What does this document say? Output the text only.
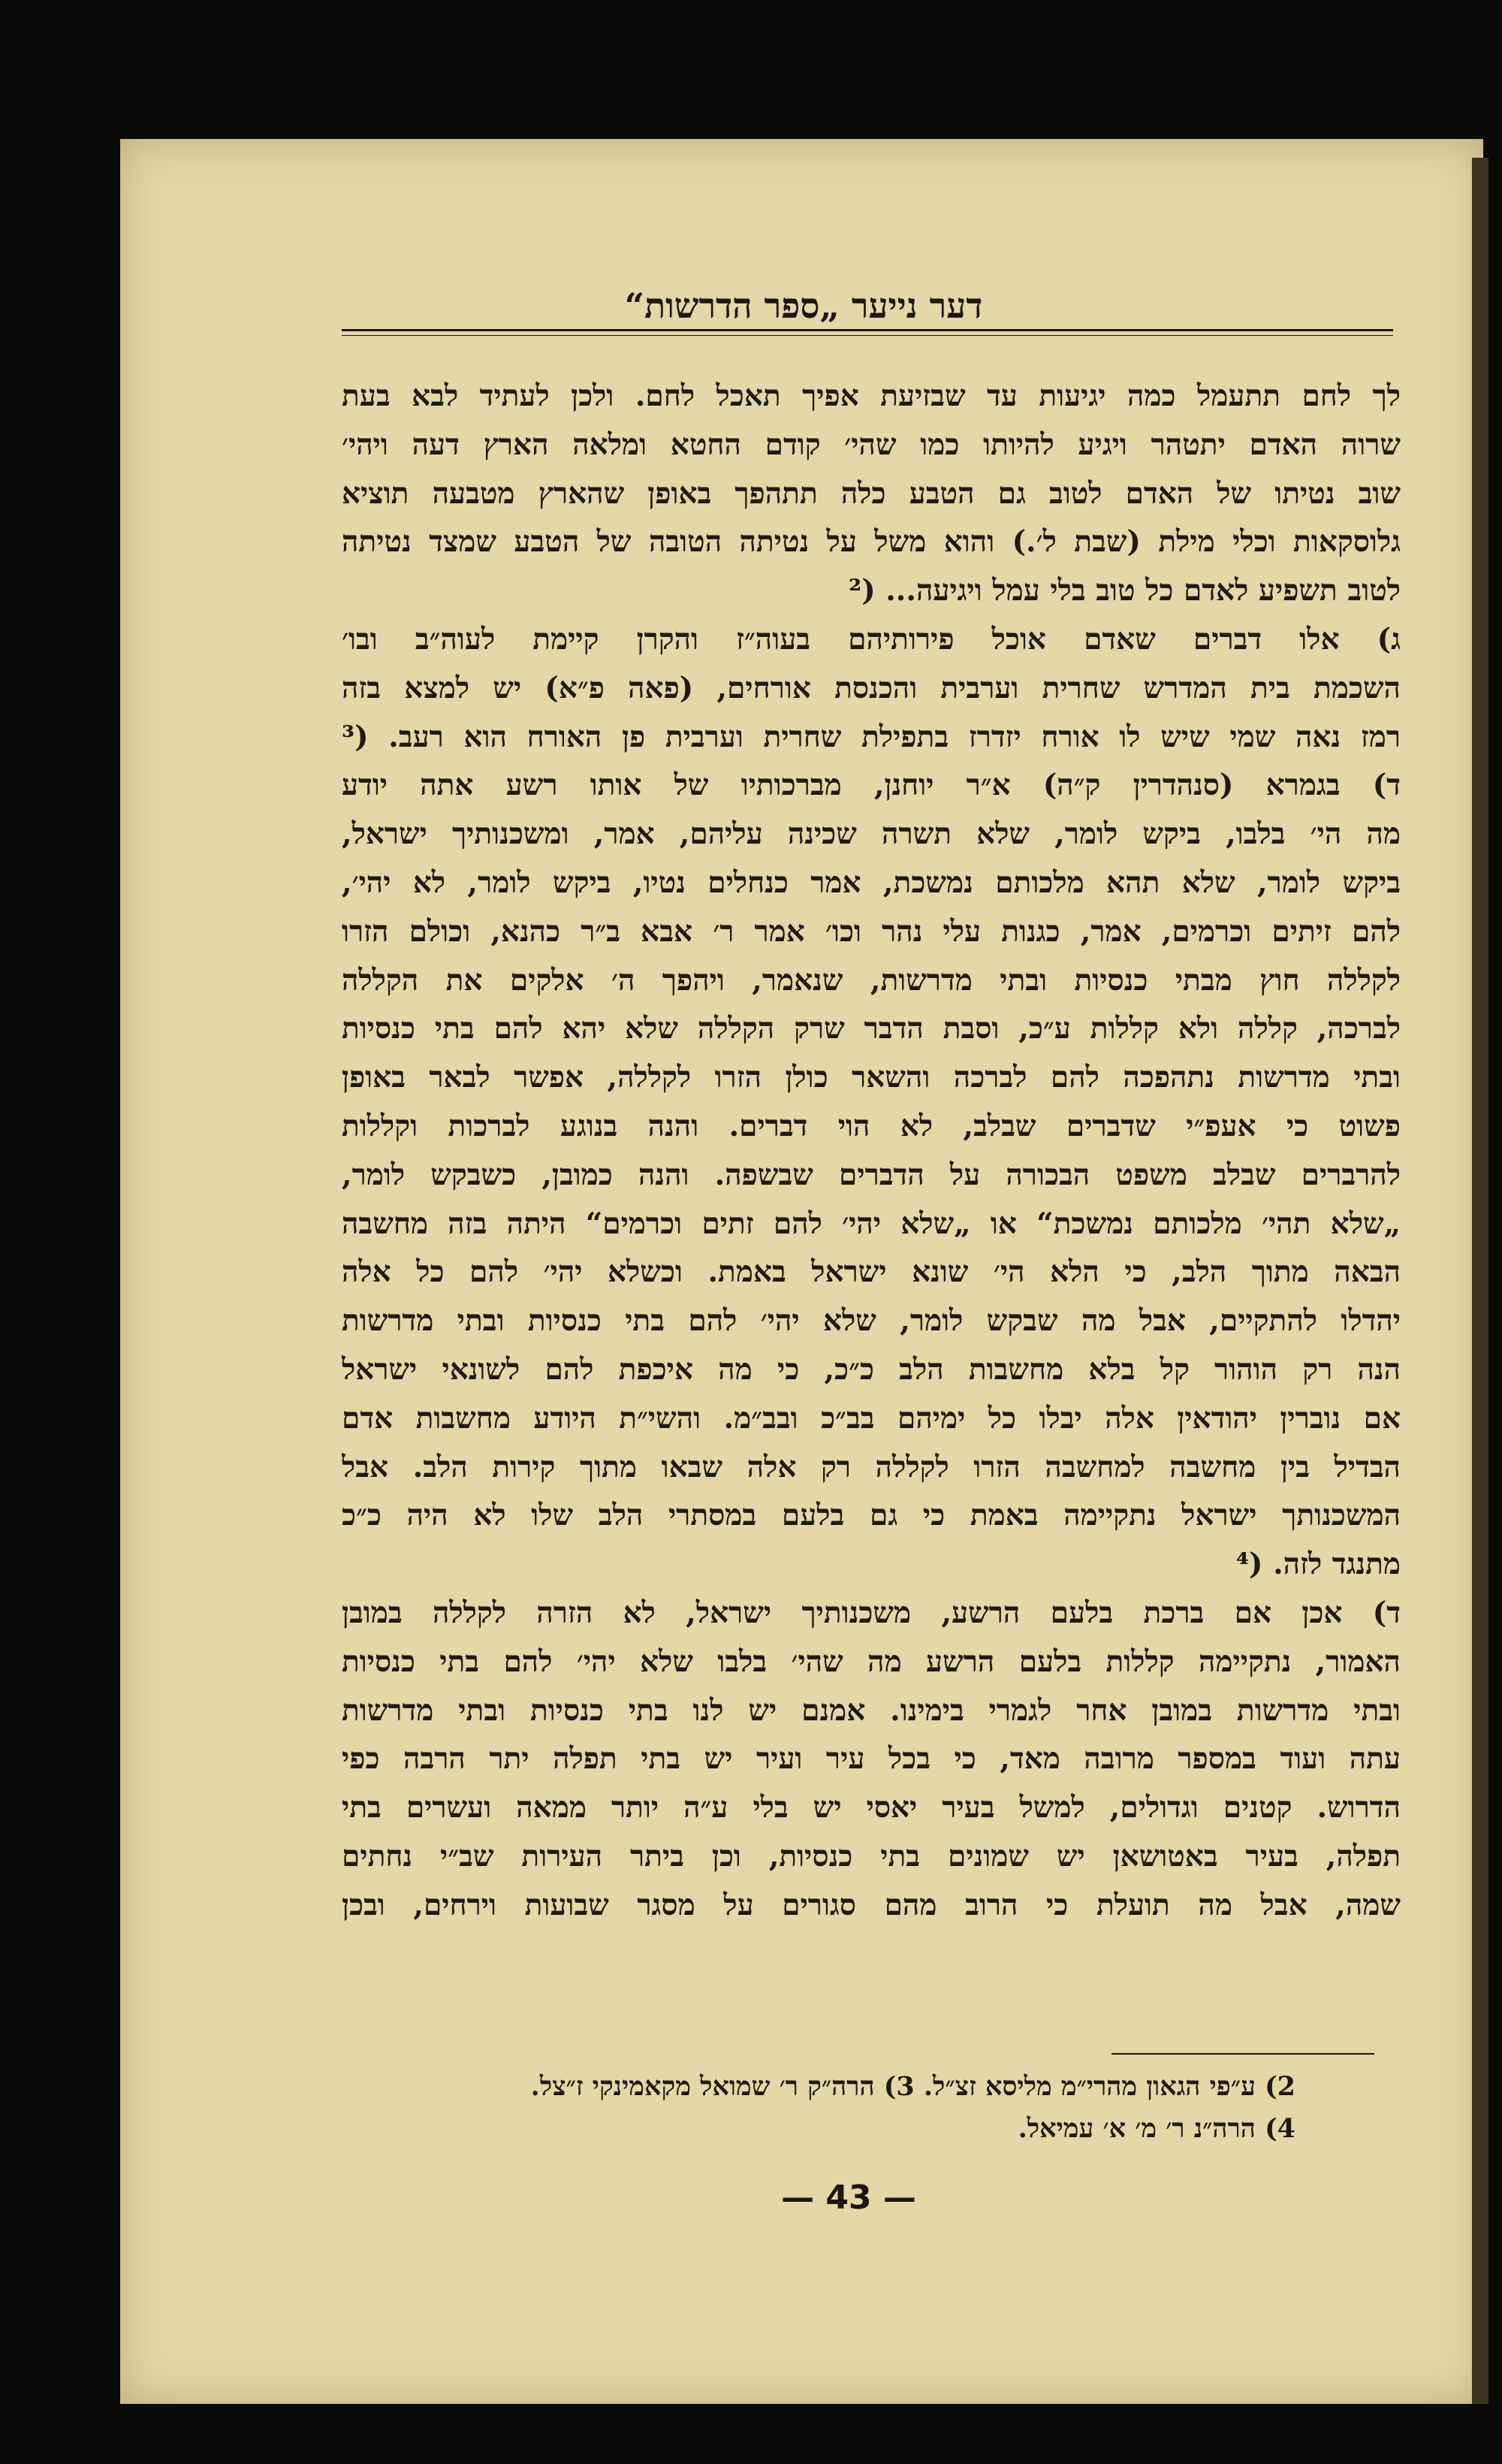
דער נייער „ספר הדרשות“
לך לחם תתעמל כמה יגיעות עד שבזיעת אפיך תאכל לחם. ולכן לעתיד לבא בעת
שרוה האדם יתטהר ויגיע להיותו כמו שהי׳ קודם החטא ומלאה הארץ דעה ויהי׳
שוב נטיתו של האדם לטוב גם הטבע כלה תתהפך באופן שהארץ מטבעה תוציא
גלוסקאות וכלי מילת (שבת ל׳.) והוא משל על נטיתה הטובה של הטבע שמצד נטיתה
לטוב תשפיע לאדם כל טוב בלי עמל ויגיעה... (²
ג) אלו דברים שאדם אוכל פירותיהם בעוה״ז והקרן קיימת לעוה״ב ובו׳
השכמת בית המדרש שחרית וערבית והכנסת אורחים, (פאה פ״א) יש למצא בזה
רמז נאה שמי שיש לו אורח יזדרז בתפילת שחרית וערבית פן האורח הוא רעב. (³
ד) בגמרא (סנהדרין ק״ה) א״ר יוחנן, מברכותיו של אותו רשע אתה יודע
מה הי׳ בלבו, ביקש לומר, שלא תשרה שכינה עליהם, אמר, ומשכנותיך ישראל,
ביקש לומר, שלא תהא מלכותם נמשכת, אמר כנחלים נטיו, ביקש לומר, לא יהי׳,
להם זיתים וכרמים, אמר, כגנות עלי נהר וכו׳ אמר ר׳ אבא ב״ר כהנא, וכולם הזרו
לקללה חוץ מבתי כנסיות ובתי מדרשות, שנאמר, ויהפך ה׳ אלקים את הקללה
לברכה, קללה ולא קללות ע״כ, וסבת הדבר שרק הקללה שלא יהא להם בתי כנסיות
ובתי מדרשות נתהפכה להם לברכה והשאר כולן הזרו לקללה, אפשר לבאר באופן
פשוט כי אעפ״י שדברים שבלב, לא הוי דברים. והנה בנוגע לברכות וקללות
להרברים שבלב משפט הבכורה על הדברים שבשפה. והנה כמובן, כשבקש לומר,
„שלא תהי׳ מלכותם נמשכת“ או „שלא יהי׳ להם זתים וכרמים“ היתה בזה מחשבה
הבאה מתוך הלב, כי הלא הי׳ שונא ישראל באמת. וכשלא יהי׳ להם כל אלה
יהדלו להתקיים, אבל מה שבקש לומר, שלא יהי׳ להם בתי כנסיות ובתי מדרשות
הנה רק הוהור קל בלא מחשבות הלב כ״כ, כי מה איכפת להם לשונאי ישראל
אם נוברין יהודאין אלה יבלו כל ימיהם בב״כ ובב״מ. והשי״ת היודע מחשבות אדם
הבדיל בין מחשבה למחשבה הזרו לקללה רק אלה שבאו מתוך קירות הלב. אבל
המשכנותך ישראל נתקיימה באמת כי גם בלעם במסתרי הלב שלו לא היה כ״כ
מתנגד לזה. (⁴
ד) אכן אם ברכת בלעם הרשע, משכנותיך ישראל, לא הזרה לקללה במובן
האמור, נתקיימה קללות בלעם הרשע מה שהי׳ בלבו שלא יהי׳ להם בתי כנסיות
ובתי מדרשות במובן אחר לגמרי בימינו. אמנם יש לנו בתי כנסיות ובתי מדרשות
עתה ועוד במספר מרובה מאד, כי בכל עיר ועיר יש בתי תפלה יתר הרבה כפי
הדרוש. קטנים וגדולים, למשל בעיר יאסי יש בלי ע״ה יותר ממאה ועשרים בתי
תפלה, בעיר באטושאן יש שמונים בתי כנסיות, וכן ביתר העירות שב״י נחתים
שמה, אבל מה תועלת כי הרוב מהם סגורים על מסגר שבועות וירחים, ובכן
2) ע״פי הגאון מהרי״מ מליסא זצ״ל. 3) הרה״ק ר׳ שמואל מקאמינקי ז״צל.
4) הרה״נ ר׳ מ׳ א׳ עמיאל.
— 43 —
